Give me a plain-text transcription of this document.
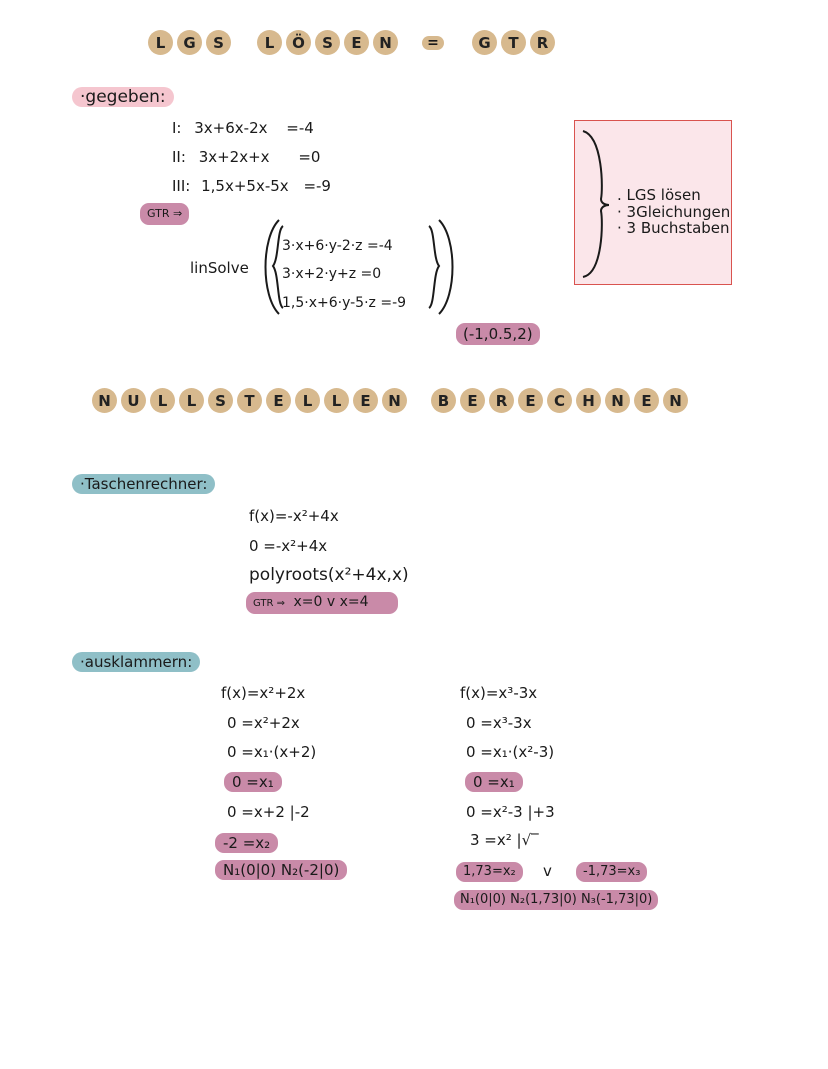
L	G	S	L	Ö	S	E	N	=	G	T	R
·gegeben:
I: 3x+6x-2x =-4
II: 3x+2x+x =0
III: 1,5x+5x-5x =-9
GTR ⇒
linSolve
3·x+6·y-2·z =-4
3·x+2·y+z =0
1,5·x+6·y-5·z =-9
(-1,0.5,2)
. LGS lösen
· 3Gleichungen
· 3 Buchstaben
N	U	L	L	S	T	E	L	L	E	N	B	E	R	E	C	H	N	E	N
·Taschenrechner:
f(x)=-x²+4x
0 =-x²+4x
polyroots(x²+4x,x)
GTR ⇒ x=0 v x=4
·ausklammern:
f(x)=x²+2x
0 =x²+2x
0 =x₁·(x+2)
0 =x₁
0 =x+2 |-2
-2 =x₂
N₁(0|0) N₂(-2|0)
f(x)=x³-3x
0 =x³-3x
0 =x₁·(x²-3)
0 =x₁
0 =x²-3 |+3
3 =x² |√‾
1,73=x₂	v	-1,73=x₃
N₁(0|0) N₂(1,73|0) N₃(-1,73|0)
